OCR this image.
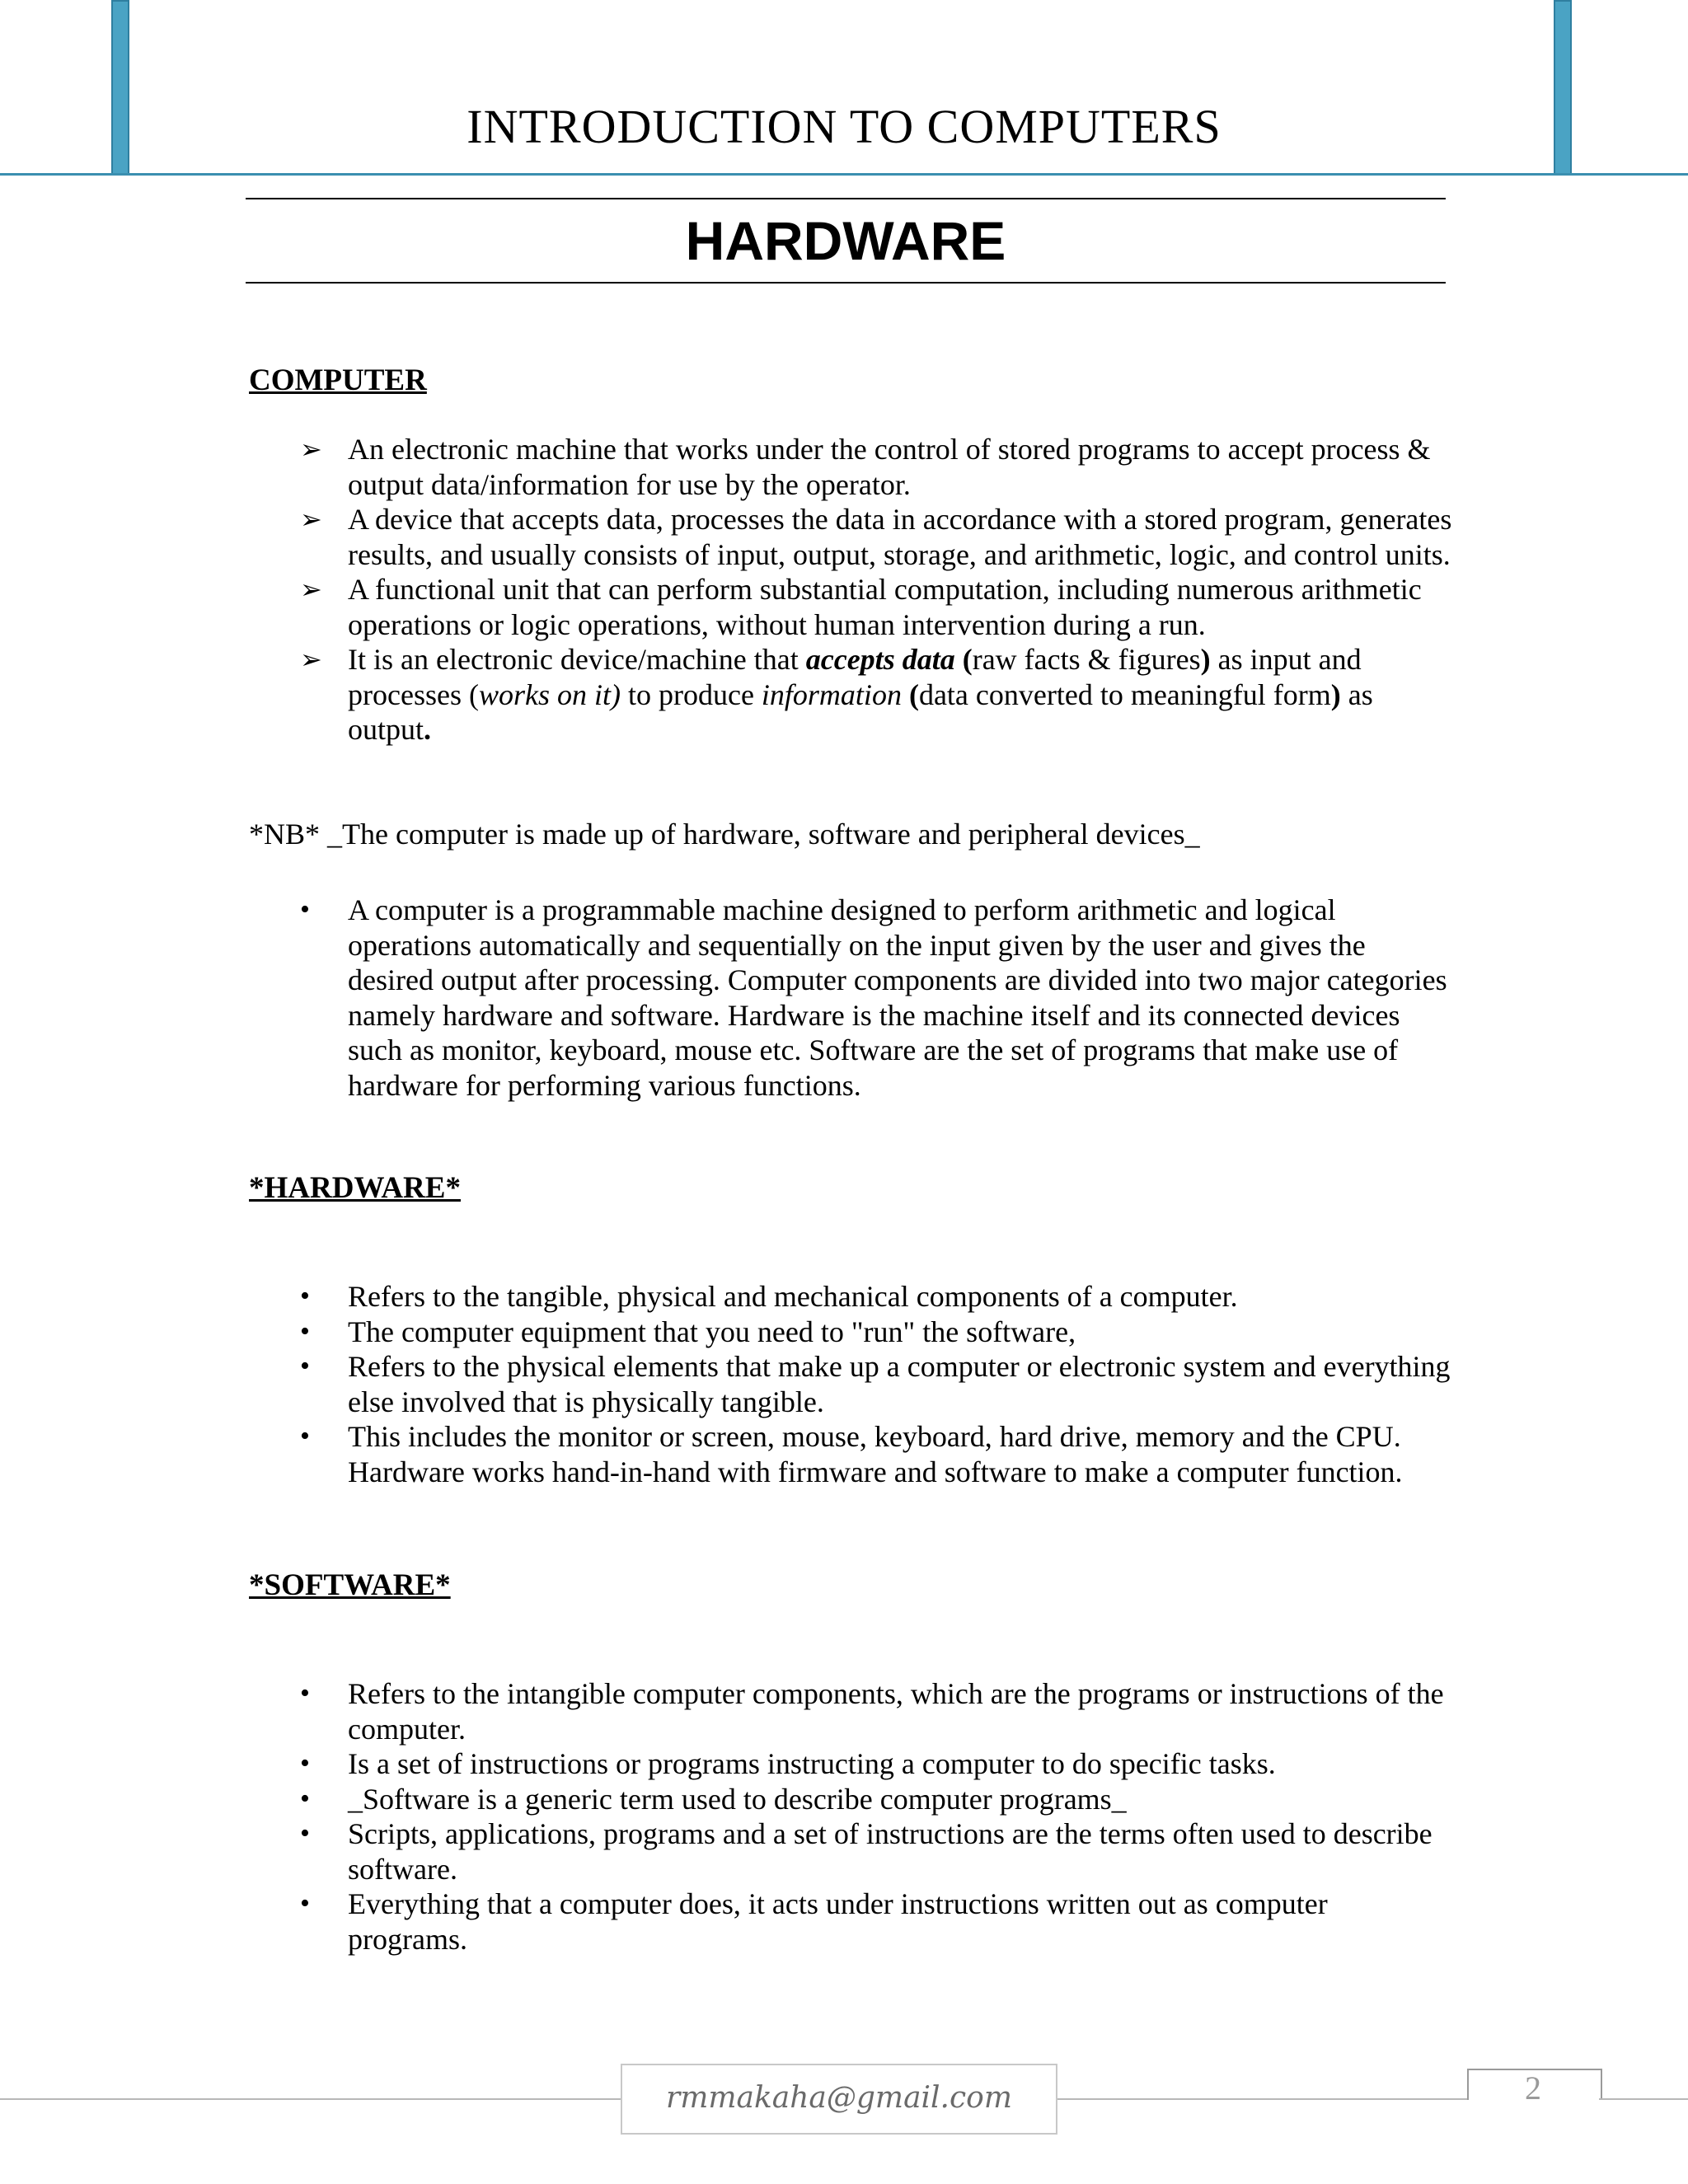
INTRODUCTION TO COMPUTERS
HARDWARE
COMPUTER
➢ An electronic machine that works under the control of stored programs to accept process & output data/information for use by the operator.
➢ A device that accepts data, processes the data in accordance with a stored program, generates results, and usually consists of input, output, storage, and arithmetic, logic, and control units.
➢ A functional unit that can perform substantial computation, including numerous arithmetic operations or logic operations, without human intervention during a run.
➢ It is an electronic device/machine that accepts data (raw facts & figures) as input and processes (works on it) to produce information (data converted to meaningful form) as output.
*NB* _The computer is made up of hardware, software and peripheral devices_
•	A computer is a programmable machine designed to perform arithmetic and logical operations automatically and sequentially on the input given by the user and gives the desired output after processing. Computer components are divided into two major categories namely hardware and software. Hardware is the machine itself and its connected devices such as monitor, keyboard, mouse etc. Software are the set of programs that make use of hardware for performing various functions.
*HARDWARE*
•	Refers to the tangible, physical and mechanical components of a computer.
•	The computer equipment that you need to "run" the software,
•	Refers to the physical elements that make up a computer or electronic system and everything else involved that is physically tangible.
•	This includes the monitor or screen, mouse, keyboard, hard drive, memory and the CPU. Hardware works hand-in-hand with firmware and software to make a computer function.
*SOFTWARE*
•	Refers to the intangible computer components, which are the programs or instructions of the computer.
•	Is a set of instructions or programs instructing a computer to do specific tasks.
•	_Software is a generic term used to describe computer programs_
•	Scripts, applications, programs and a set of instructions are the terms often used to describe software.
•	Everything that a computer does, it acts under instructions written out as computer programs.
rmmakaha@gmail.com	2
